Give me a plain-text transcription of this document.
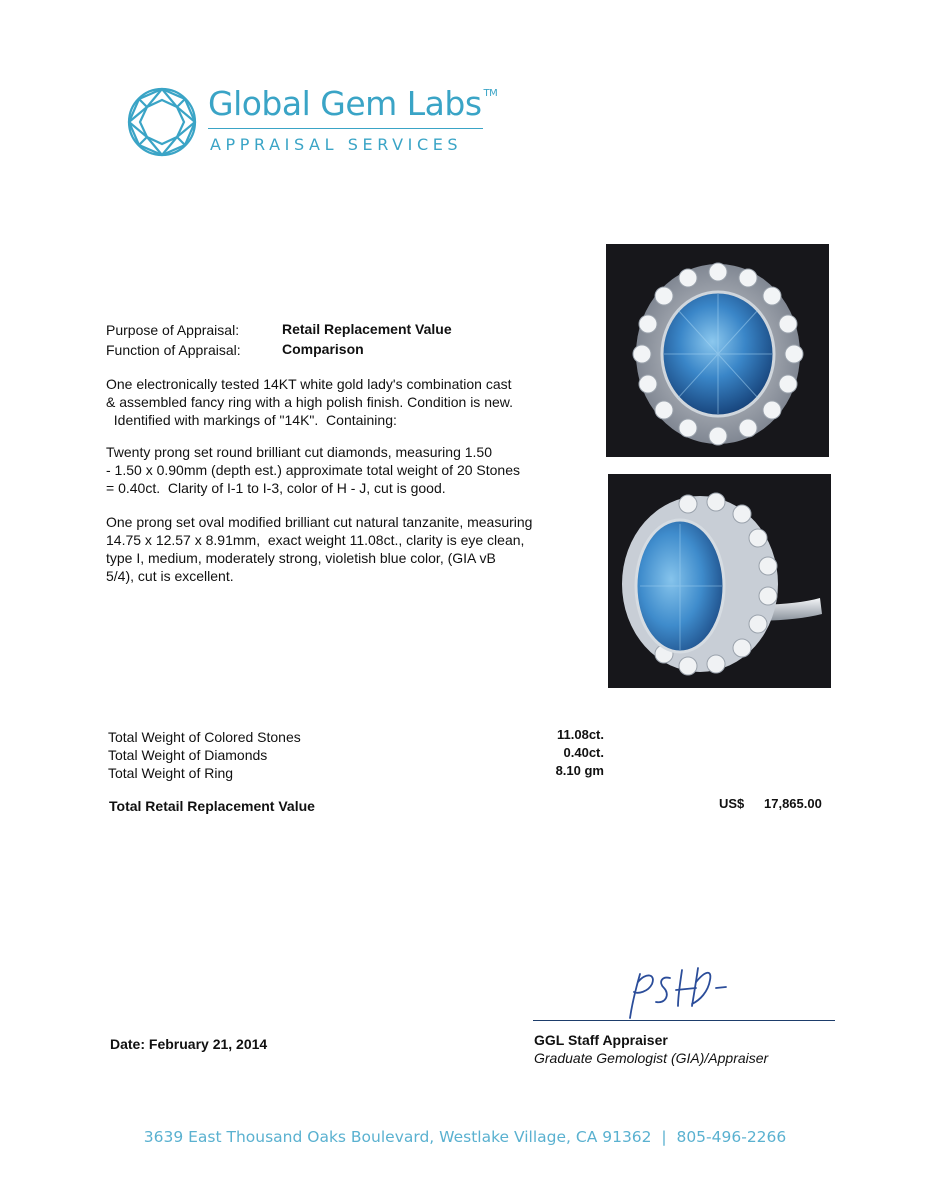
Global Gem Labs ™
APPRAISAL SERVICES
Purpose of Appraisal:	Retail Replacement Value
Function of Appraisal:	Comparison
One electronically tested 14KT white gold lady's combination cast
& assembled fancy ring with a high polish finish. Condition is new.
Identified with markings of "14K".  Containing:
Twenty prong set round brilliant cut diamonds, measuring 1.50
- 1.50 x 0.90mm (depth est.) approximate total weight of 20 Stones
= 0.40ct.  Clarity of I-1 to I-3, color of H - J, cut is good.
One prong set oval modified brilliant cut natural tanzanite, measuring
14.75 x 12.57 x 8.91mm,  exact weight 11.08ct., clarity is eye clean,
type I, medium, moderately strong, violetish blue color, (GIA vB
5/4), cut is excellent.
Total Weight of Colored Stones	11.08ct.
Total Weight of Diamonds	0.40ct.
Total Weight of Ring	8.10 gm
Total Retail Replacement Value	US$ 17,865.00
GGL Staff Appraiser
Graduate Gemologist (GIA)/Appraiser
Date: February 21, 2014
3639 East Thousand Oaks Boulevard, Westlake Village, CA 91362  |  805-496-2266
